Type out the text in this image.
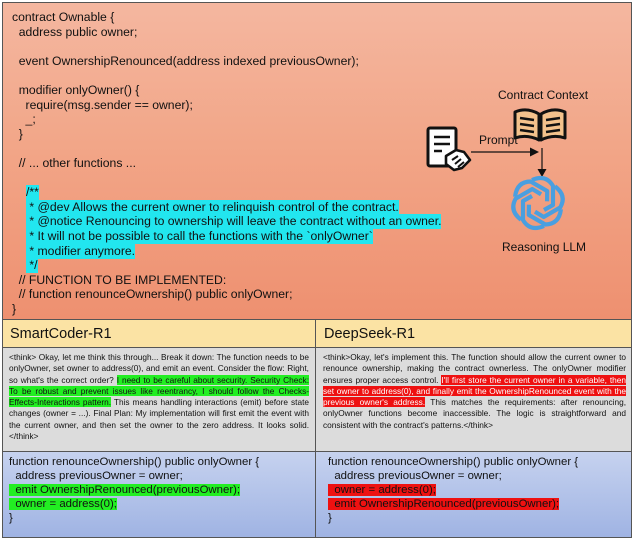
contract Ownable {
address public owner;
event OwnershipRenounced(address indexed previousOwner);
modifier onlyOwner() {
require(msg.sender == owner);
_;
}
// ... other functions ...
/**
* @dev Allows the current owner to relinquish control of the contract.
* @notice Renouncing to ownership will leave the contract without an owner.
* It will not be possible to call the functions with the `onlyOwner`
* modifier anymore.
*/
// FUNCTION TO BE IMPLEMENTED:
// function renounceOwnership() public onlyOwner;
}
Contract Context
Prompt
Reasoning LLM
SmartCoder-R1	DeepSeek-R1
<think> Okay, let me think this through... Break it down: The function needs to be onlyOwner, set owner to address(0), and emit an event. Consider the flow: Right, so what's the correct order? I need to be careful about security. Security Check: To be robust and prevent issues like reentrancy, I should follow the Checks-Effects-Interactions pattern. This means handling interactions (emit) before state changes (owner = ...). Final Plan: My implementation will first emit the event with the current owner, and then set the owner to the zero address. It looks solid. </think>
<think>Okay, let's implement this. The function should allow the current owner to renounce ownership, making the contract ownerless. The onlyOwner modifier ensures proper access control. I'll first store the current owner in a variable, then set owner to address(0), and finally emit the OwnershipRenounced event with the previous owner's address. This matches the requirements: after renouncing, onlyOwner functions become inaccessible. The logic is straightforward and consistent with the contract's patterns.</think>
function renounceOwnership() public onlyOwner {
address previousOwner = owner;
emit OwnershipRenounced(previousOwner);
owner = address(0);
}
function renounceOwnership() public onlyOwner {
address previousOwner = owner;
owner = address(0);
emit OwnershipRenounced(previousOwner);
}
